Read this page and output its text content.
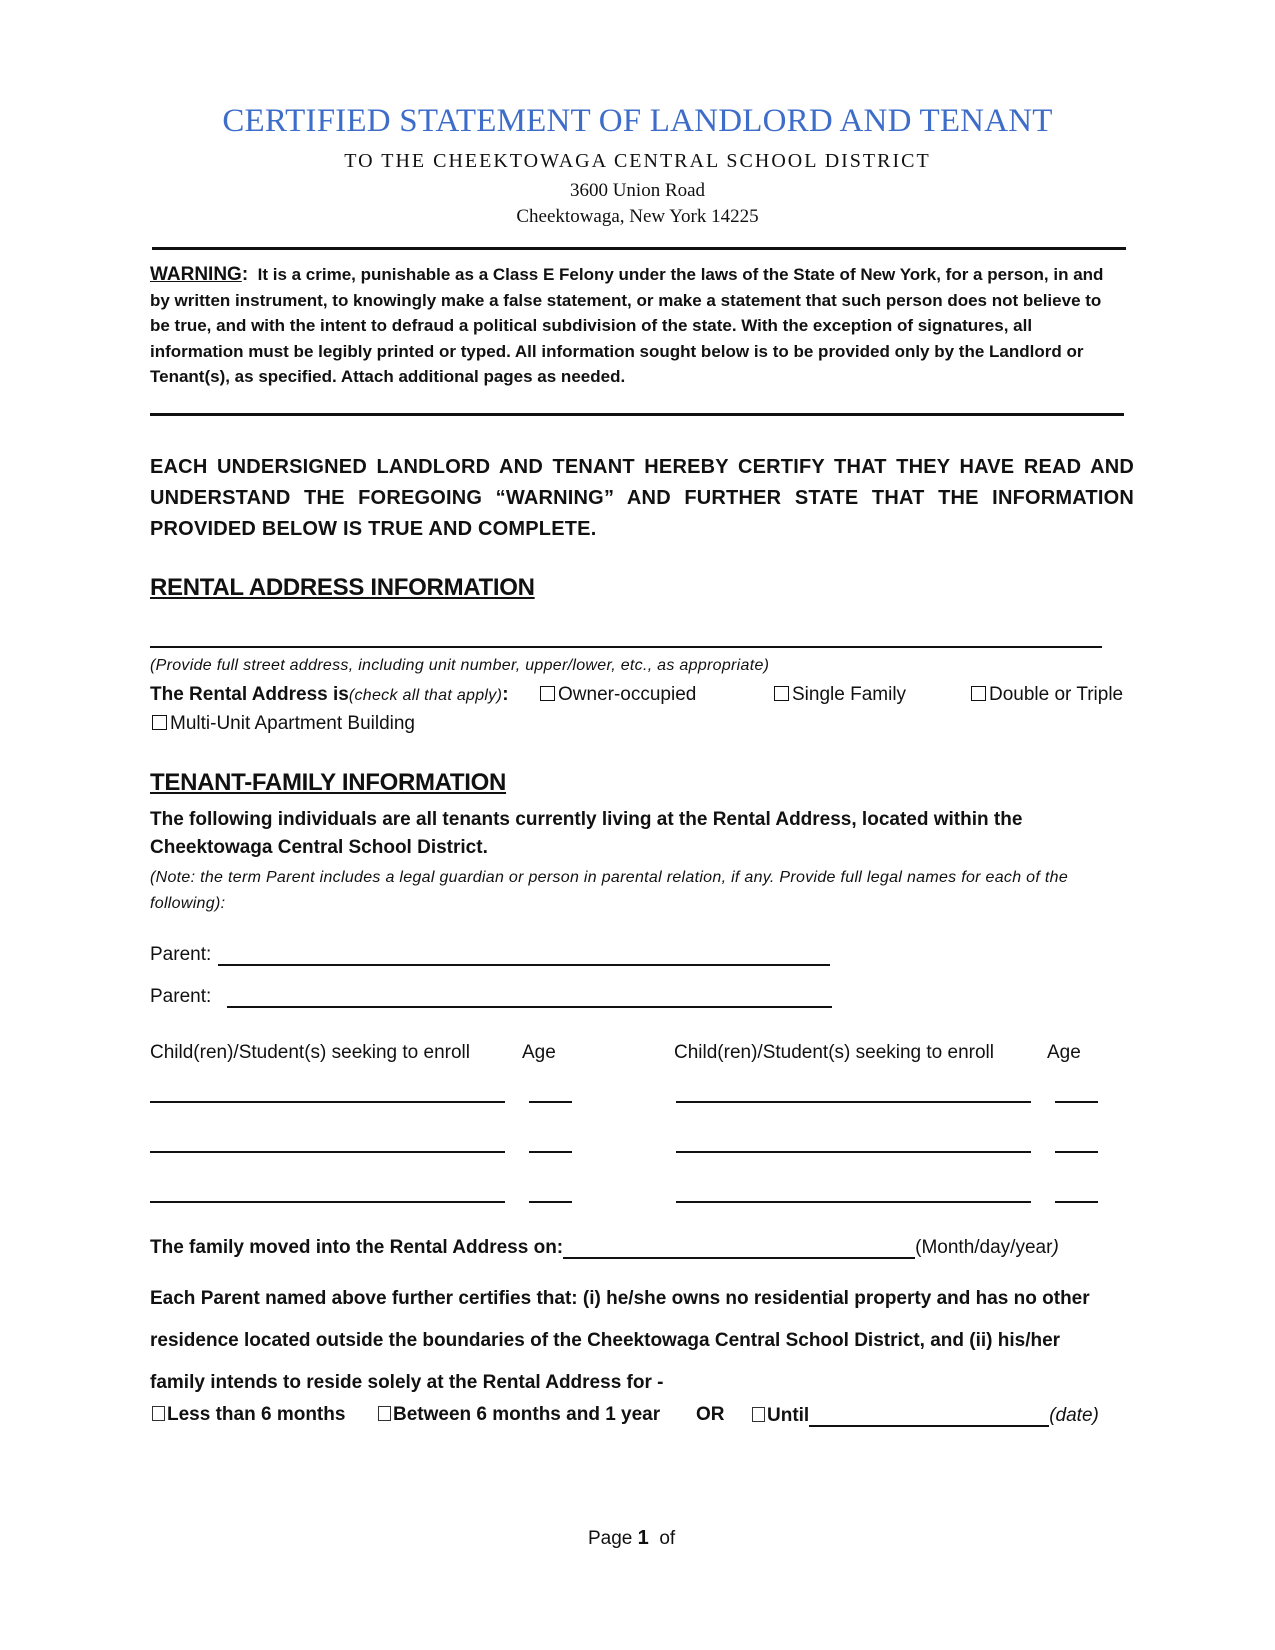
CERTIFIED STATEMENT OF LANDLORD AND TENANT
TO THE CHEEKTOWAGA CENTRAL SCHOOL DISTRICT
3600 Union Road
Cheektowaga, New York 14225
WARNING: It is a crime, punishable as a Class E Felony under the laws of the State of New York, for a person, in and by written instrument, to knowingly make a false statement, or make a statement that such person does not believe to be true, and with the intent to defraud a political subdivision of the state. With the exception of signatures, all information must be legibly printed or typed. All information sought below is to be provided only by the Landlord or Tenant(s), as specified. Attach additional pages as needed.
EACH UNDERSIGNED LANDLORD AND TENANT HEREBY CERTIFY THAT THEY HAVE READ AND UNDERSTAND THE FOREGOING “WARNING” AND FURTHER STATE THAT THE INFORMATION PROVIDED BELOW IS TRUE AND COMPLETE.
RENTAL ADDRESS INFORMATION
(Provide full street address, including unit number, upper/lower, etc., as appropriate)
The Rental Address is(check all that apply):	Owner-occupied	Single Family	Double or Triple
Multi-Unit Apartment Building
TENANT-FAMILY INFORMATION
The following individuals are all tenants currently living at the Rental Address, located within the Cheektowaga Central School District.
(Note: the term Parent includes a legal guardian or person in parental relation, if any. Provide full legal names for each of the following):
Parent:
Parent:
Child(ren)/Student(s) seeking to enroll	Age	Child(ren)/Student(s) seeking to enroll	Age
The family moved into the Rental Address on:	(Month/day/year)
Each Parent named above further certifies that: (i) he/she owns no residential property and has no other residence located outside the boundaries of the Cheektowaga Central School District, and (ii) his/her family intends to reside solely at the Rental Address for -
Less than 6 months	Between 6 months and 1 year OR	Until	(date)
Page 1 of
